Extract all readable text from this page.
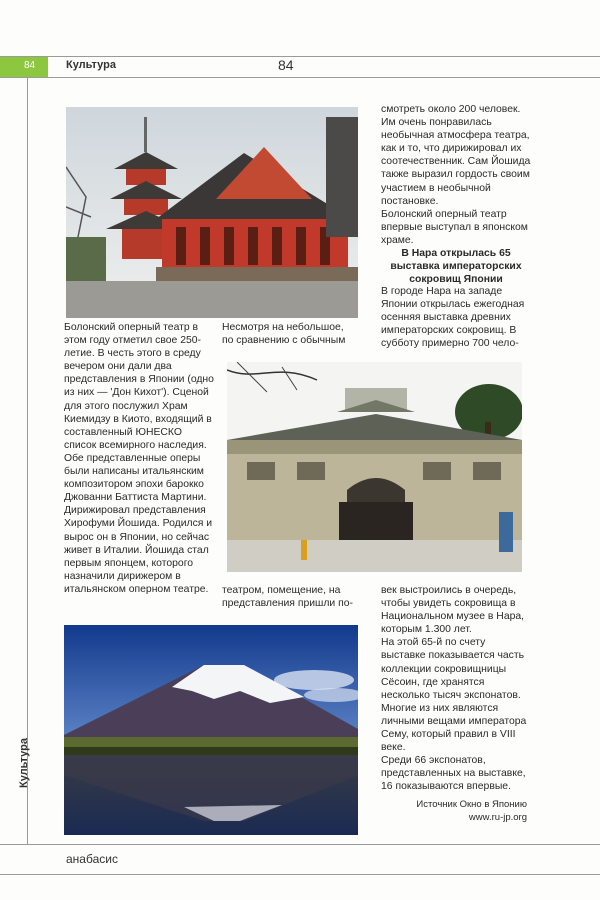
84	Культура	84
Культура

Болонский оперный театр в этом году отметил свое 250-летие. В честь этого в среду вечером они дали два представления в Японии (одно из них — 'Дон Кихот'). Сценой для этого послужил Храм Киемидзу в Киото, входящий в составленный ЮНЕСКО список всемирного наследия. Обе представленные оперы были написаны итальянским композитором эпохи барокко Джованни Баттиста Мартини.

Дирижировал представления Хирофуми Йошида. Родился и вырос он в Японии, но сейчас живет в Италии. Йошида стал первым японцем, которого назначили дирижером в итальянском оперном театре.

Несмотря на небольшое, по сравнению с обычным

смотреть около 200 человек. Им очень понравилась необычная атмосфера театра, как и то, что дирижировал их соотечественник. Сам Йошида также выразил гордость своим участием в необычной постановке.

Болонский оперный театр впервые выступал в японском храме.

В Нара открылась 65 выставка императорских сокровищ Японии

В городе Нара на западе Японии открылась ежегодная осенняя выставка древних императорских сокровищ. В субботу примерно 700 чело-

театром, помещение, на представления пришли по-

век выстроились в очередь, чтобы увидеть сокровища в Национальном музее в Нара, которым 1.300 лет.

На этой 65-й по счету выставке показывается часть коллекции сокровищницы Сёсоин, где хранятся несколько тысяч экспонатов. Многие из них являются личными вещами императора Сему, который правил в VIII веке.

Среди 66 экспонатов, представленных на выставке, 16 показываются впервые.

Источник Окно в Японию
www.ru-jp.org
анабасис
